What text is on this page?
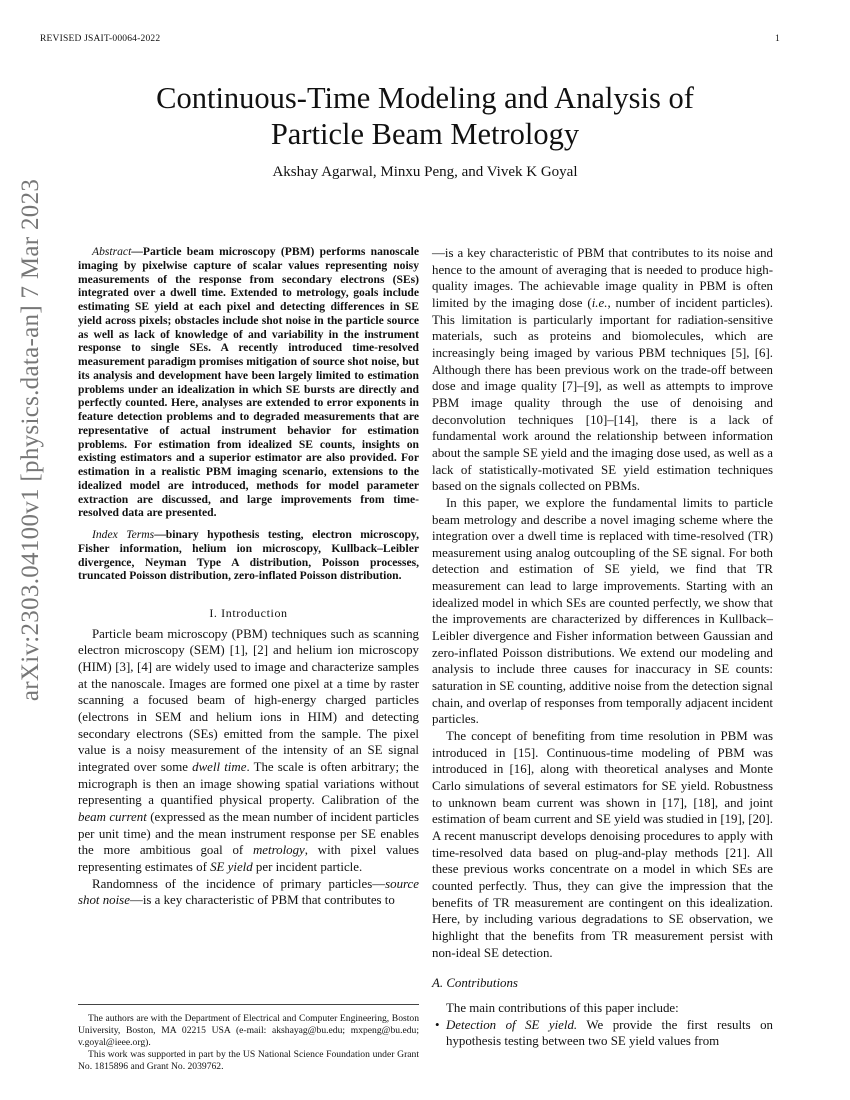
REVISED JSAIT-00064-2022	1
Continuous-Time Modeling and Analysis of
Particle Beam Metrology
Akshay Agarwal, Minxu Peng, and Vivek K Goyal
arXiv:2303.04100v1 [physics.data-an] 7 Mar 2023	Abstract—Particle beam microscopy (PBM) performs nanoscale imaging by pixelwise capture of scalar values representing noisy measurements of the response from secondary electrons (SEs) integrated over a dwell time. Extended to metrology, goals include estimating SE yield at each pixel and detecting differences in SE yield across pixels; obstacles include shot noise in the particle source as well as lack of knowledge of and variability in the instrument response to single SEs. A recently introduced time-resolved measurement paradigm promises mitigation of source shot noise, but its analysis and development have been largely limited to estimation problems under an idealization in which SE bursts are directly and perfectly counted. Here, analyses are extended to error exponents in feature detection problems and to degraded measurements that are representative of actual instrument behavior for estimation problems. For estimation from idealized SE counts, insights on existing estimators and a superior estimator are also provided. For estimation in a realistic PBM imaging scenario, extensions to the idealized model are introduced, methods for model parameter extraction are discussed, and large improvements from time-resolved data are presented.

Index Terms—binary hypothesis testing, electron microscopy, Fisher information, helium ion microscopy, Kullback–Leibler divergence, Neyman Type A distribution, Poisson processes, truncated Poisson distribution, zero-inflated Poisson distribution.

I. Introduction

Particle beam microscopy (PBM) techniques such as scanning electron microscopy (SEM) [1], [2] and helium ion microscopy (HIM) [3], [4] are widely used to image and characterize samples at the nanoscale. Images are formed one pixel at a time by raster scanning a focused beam of high-energy charged particles (electrons in SEM and helium ions in HIM) and detecting secondary electrons (SEs) emitted from the sample. The pixel value is a noisy measurement of the intensity of an SE signal integrated over some dwell time. The scale is often arbitrary; the micrograph is then an image showing spatial variations without representing a quantified physical property. Calibration of the beam current (expressed as the mean number of incident particles per unit time) and the mean instrument response per SE enables the more ambitious goal of metrology, with pixel values representing estimates of SE yield per incident particle.

Randomness of the incidence of primary particles—source shot noise—is a key characteristic of PBM that contributes to

—is a key characteristic of PBM that contributes to its noise and hence to the amount of averaging that is needed to produce high-quality images. The achievable image quality in PBM is often limited by the imaging dose (i.e., number of incident particles). This limitation is particularly important for radiation-sensitive materials, such as proteins and biomolecules, which are increasingly being imaged by various PBM techniques [5], [6]. Although there has been previous work on the trade-off between dose and image quality [7]–[9], as well as attempts to improve PBM image quality through the use of denoising and deconvolution techniques [10]–[14], there is a lack of fundamental work around the relationship between information about the sample SE yield and the imaging dose used, as well as a lack of statistically-motivated SE yield estimation techniques based on the signals collected on PBMs.

In this paper, we explore the fundamental limits to particle beam metrology and describe a novel imaging scheme where the integration over a dwell time is replaced with time-resolved (TR) measurement using analog outcoupling of the SE signal. For both detection and estimation of SE yield, we find that TR measurement can lead to large improvements. Starting with an idealized model in which SEs are counted perfectly, we show that the improvements are characterized by differences in Kullback–Leibler divergence and Fisher information between Gaussian and zero-inflated Poisson distributions. We extend our modeling and analysis to include three causes for inaccuracy in SE counts: saturation in SE counting, additive noise from the detection signal chain, and overlap of responses from temporally adjacent incident particles.

The concept of benefiting from time resolution in PBM was introduced in [15]. Continuous-time modeling of PBM was introduced in [16], along with theoretical analyses and Monte Carlo simulations of several estimators for SE yield. Robustness to unknown beam current was shown in [17], [18], and joint estimation of beam current and SE yield was studied in [19], [20]. A recent manuscript develops denoising procedures to apply with time-resolved data based on plug-and-play methods [21]. All these previous works concentrate on a model in which SEs are counted perfectly. Thus, they can give the impression that the benefits of TR measurement are contingent on this idealization. Here, by including various degradations to SE observation, we highlight that the benefits from TR measurement persist with non-ideal SE detection.

A. Contributions

The main contributions of this paper include:

• Detection of SE yield. We provide the first results on hypothesis testing between two SE yield values from

The authors are with the Department of Electrical and Computer Engineering, Boston University, Boston, MA 02215 USA (e-mail: akshayag@bu.edu; mxpeng@bu.edu; v.goyal@ieee.org).

This work was supported in part by the US National Science Foundation under Grant No. 1815896 and Grant No. 2039762.
